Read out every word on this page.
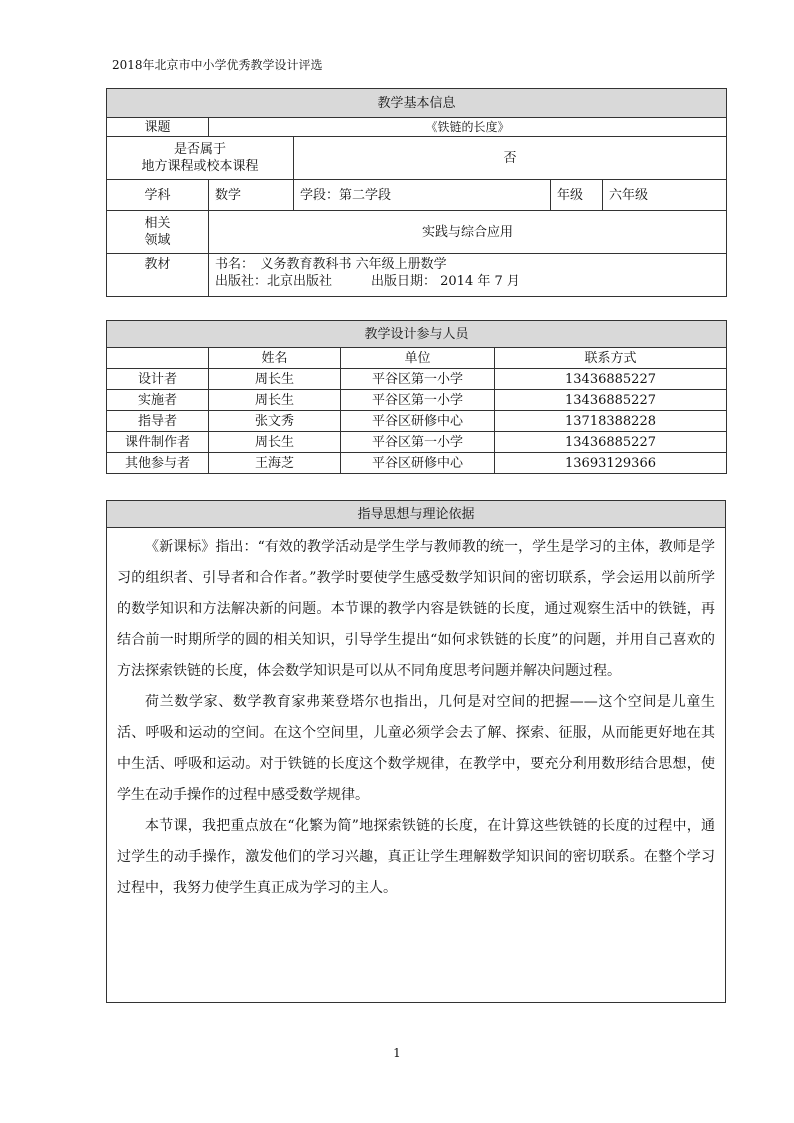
2018年北京市中小学优秀教学设计评选
教学基本信息				
课题	《铁链的长度》			
是否属于
地方课程或校本课程		否		
学科	数学	学段：第二学段	年级	六年级
相关
领域	实践与综合应用			
教材	书名：　义务教育教科书 六年级上册数学
出版社：北京出版社　　　出版日期： 2014 年 7 月			
教学设计参与人员			
	姓名	单位	联系方式
设计者	周长生	平谷区第一小学	13436885227
实施者	周长生	平谷区第一小学	13436885227
指导者	张文秀	平谷区研修中心	13718388228
课件制作者	周长生	平谷区第一小学	13436885227
其他参与者	王海芝	平谷区研修中心	13693129366
指导思想与理论依据

《新课标》指出：“有效的教学活动是学生学与教师教的统一，学生是学习的主体，教师是学习的组织者、引导者和合作者。”教学时要使学生感受数学知识间的密切联系，学会运用以前所学的数学知识和方法解决新的问题。本节课的教学内容是铁链的长度，通过观察生活中的铁链，再结合前一时期所学的圆的相关知识，引导学生提出“如何求铁链的长度”的问题，并用自己喜欢的方法探索铁链的长度，体会数学知识是可以从不同角度思考问题并解决问题过程。

荷兰数学家、数学教育家弗莱登塔尔也指出，几何是对空间的把握——这个空间是儿童生活、呼吸和运动的空间。在这个空间里，儿童必须学会去了解、探索、征服，从而能更好地在其中生活、呼吸和运动。对于铁链的长度这个数学规律，在教学中，要充分利用数形结合思想，使学生在动手操作的过程中感受数学规律。

本节课，我把重点放在“化繁为简”地探索铁链的长度，在计算这些铁链的长度的过程中，通过学生的动手操作，激发他们的学习兴趣，真正让学生理解数学知识间的密切联系。在整个学习过程中，我努力使学生真正成为学习的主人。

1
